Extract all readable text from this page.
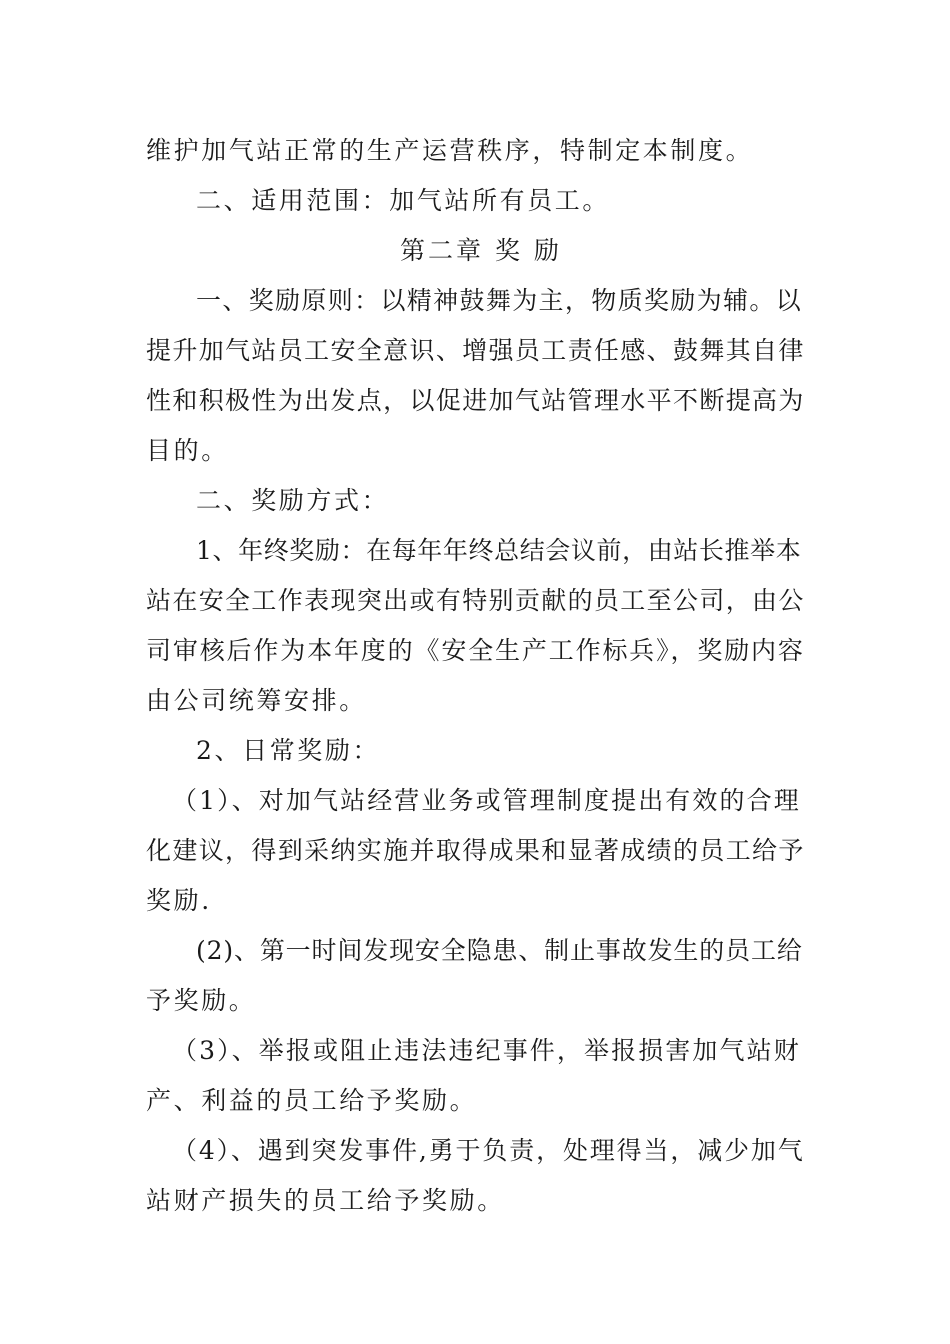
维护加气站正常的生产运营秩序，特制定本制度。
二、适用范围：加气站所有员工。
第二章 奖 励
一、奖励原则：以精神鼓舞为主，物质奖励为辅。以
提升加气站员工安全意识、增强员工责任感、鼓舞其自律
性和积极性为出发点，以促进加气站管理水平不断提高为
目的。
二、奖励方式：
1、年终奖励：在每年年终总结会议前，由站长推举本
站在安全工作表现突出或有特别贡献的员工至公司，由公
司审核后作为本年度的《安全生产工作标兵》，奖励内容
由公司统筹安排。
2、日常奖励：
（1）、对加气站经营业务或管理制度提出有效的合理
化建议，得到采纳实施并取得成果和显著成绩的员工给予
奖励.
(2)、第一时间发现安全隐患、制止事故发生的员工给
予奖励。
（3）、举报或阻止违法违纪事件，举报损害加气站财
产、利益的员工给予奖励。
（4）、遇到突发事件,勇于负责，处理得当，减少加气
站财产损失的员工给予奖励。
